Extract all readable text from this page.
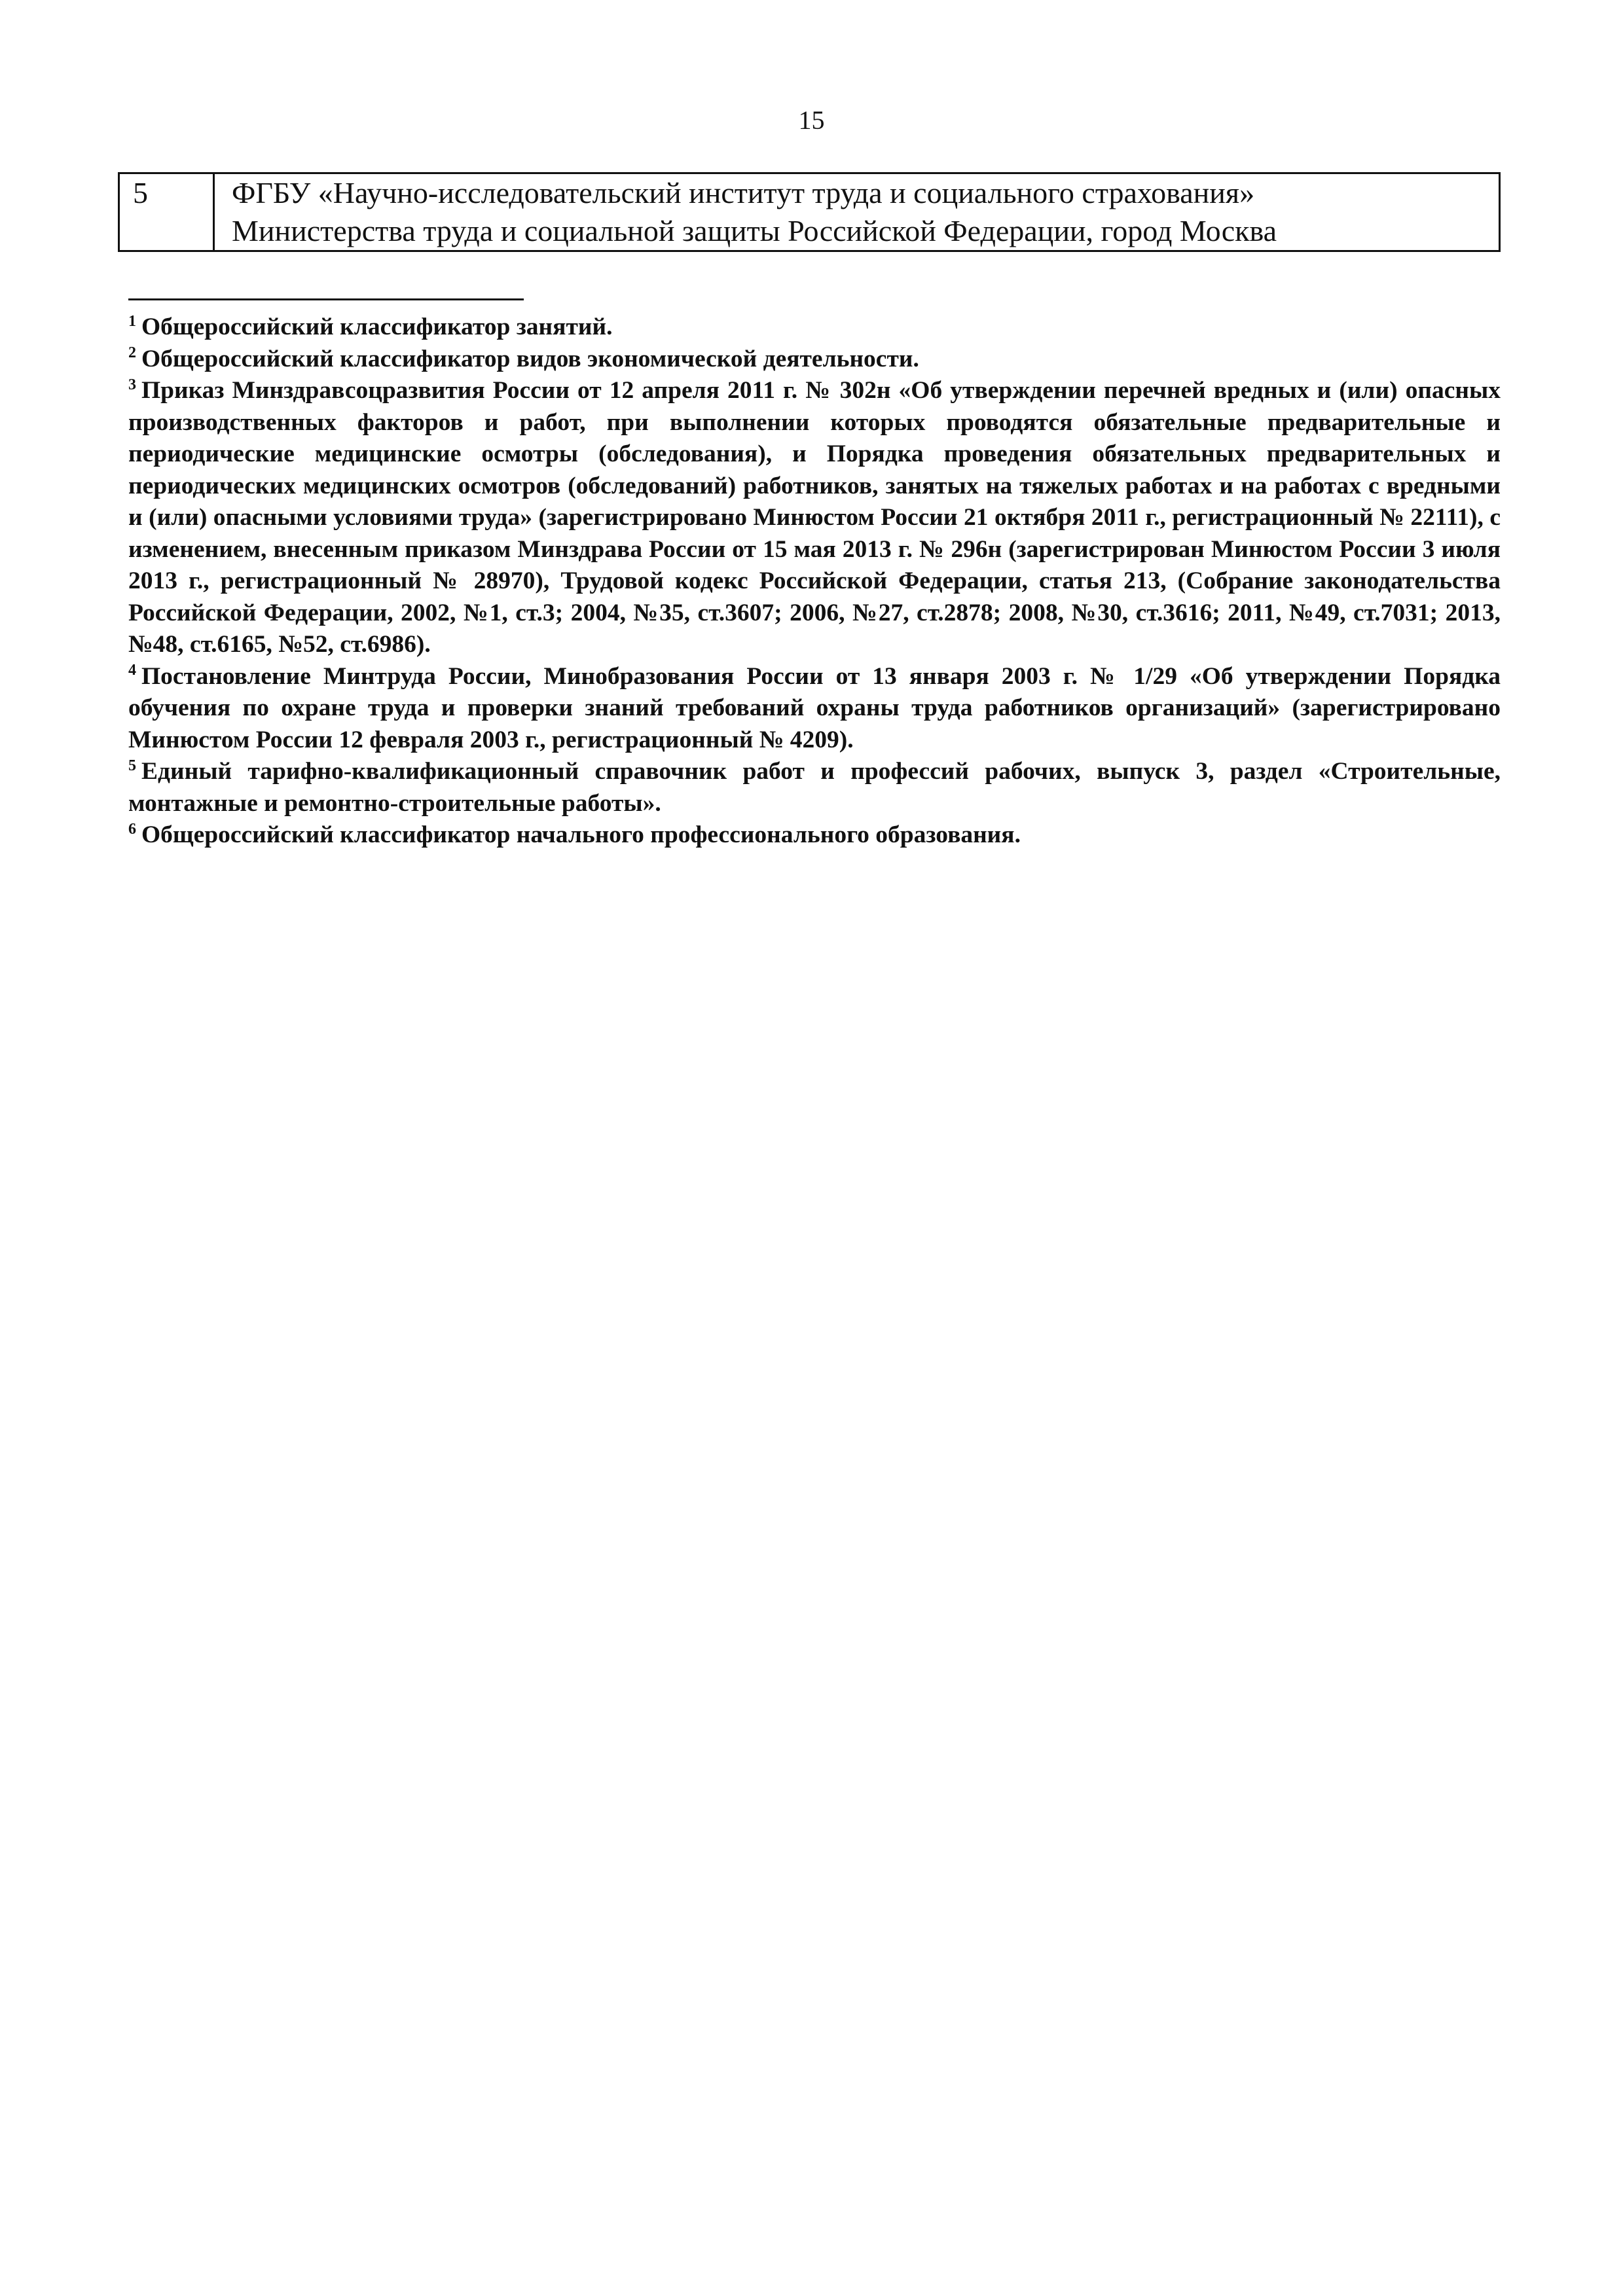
15
5	ФГБУ «Научно-исследовательский институт труда и социального страхования»
Министерства труда и социальной защиты Российской Федерации, город Москва

$^1$ Общероссийский классификатор занятий.

$^2$ Общероссийский классификатор видов экономической деятельности.

$^3$ Приказ Минздравсоцразвития России от 12 апреля 2011 г. № 302н «Об утверждении перечней вредных и (или) опасных производственных факторов и работ, при выполнении которых проводятся обязательные предварительные и периодические медицинские осмотры (обследования), и Порядка проведения обязательных предварительных и периодических медицинских осмотров (обследований) работников, занятых на тяжелых работах и на работах с вредными и (или) опасными условиями труда» (зарегистрировано Минюстом России 21 октября 2011 г., регистрационный № 22111), с изменением, внесенным приказом Минздрава России от 15 мая 2013 г. № 296н (зарегистрирован Минюстом России 3 июля 2013 г., регистрационный № 28970), Трудовой кодекс Российской Федерации, статья 213, (Собрание законодательства Российской Федерации, 2002, №1, ст.3; 2004, №35, ст.3607; 2006, №27, ст.2878; 2008, №30, ст.3616; 2011, №49, ст.7031; 2013, №48, ст.6165, №52, ст.6986).

$^4$ Постановление Минтруда России, Минобразования России от 13 января 2003 г. № 1/29 «Об утверждении Порядка обучения по охране труда и проверки знаний требований охраны труда работников организаций» (зарегистрировано Минюстом России 12 февраля 2003 г., регистрационный № 4209).

$^5$ Единый тарифно-квалификационный справочник работ и профессий рабочих, выпуск 3, раздел «Строительные, монтажные и ремонтно-строительные работы».

$^6$ Общероссийский классификатор начального профессионального образования.
